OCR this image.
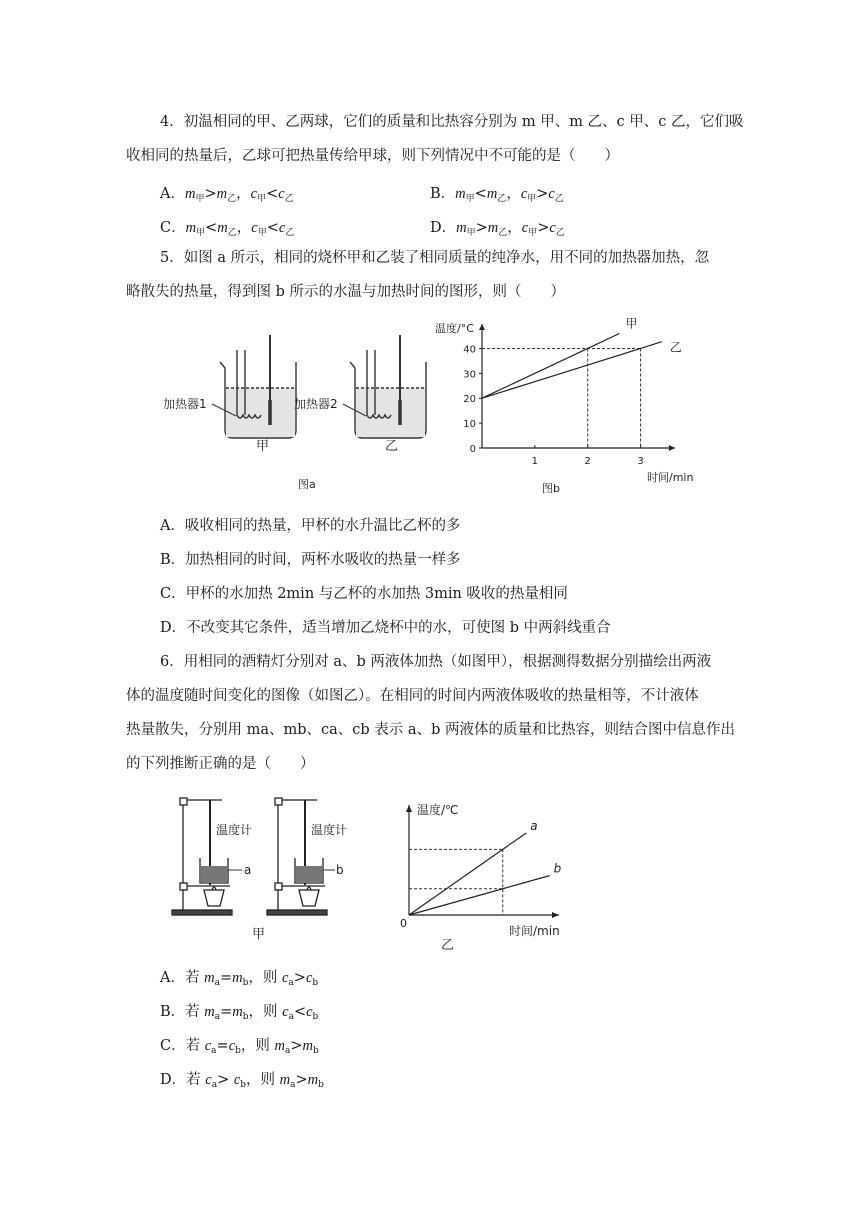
4．初温相同的甲、乙两球，它们的质量和比热容分别为 m 甲、m 乙、c 甲、c 乙，它们吸
收相同的热量后，乙球可把热量传给甲球，则下列情况中不可能的是（　　）
A．$m_甲>m_乙$，$c_甲<c_乙$	B．$m_甲<m_乙$，$c_甲>c_乙$
C．$m_甲<m_乙$，$c_甲<c_乙$	D．$m_甲>m_乙$，$c_甲>c_乙$
5．如图 a 所示，相同的烧杯甲和乙装了相同质量的纯净水，用不同的加热器加热，忽
略散失的热量，得到图 b 所示的水温与加热时间的图形，则（　　）
加热器1
甲
加热器2
乙
图a
温度/°C
时间/min
0
10
20
30
40
1	2	3
甲
乙
图b
A．吸收相同的热量，甲杯的水升温比乙杯的多
B．加热相同的时间，两杯水吸收的热量一样多
C．甲杯的水加热 2min 与乙杯的水加热 3min 吸收的热量相同
D．不改变其它条件，适当增加乙烧杯中的水，可使图 b 中两斜线重合
6．用相同的酒精灯分别对 a、b 两液体加热（如图甲），根据测得数据分别描绘出两液
体的温度随时间变化的图像（如图乙）。在相同的时间内两液体吸收的热量相等，不计液体
热量散失，分别用 ma、mb、ca、cb 表示 a、b 两液体的质量和比热容，则结合图中信息作出
的下列推断正确的是（　　）
温度计
a
温度计
b
甲
温度/℃
时间/min
0
a
b
乙
A．若 $m_a=m_b$，则 $c_a>c_b$
B．若 $m_a=m_b$，则 $c_a<c_b$
C．若 $c_a=c_b$，则 $m_a>m_b$
D．若 $c_a> c_b$，则 $m_a>m_b$
